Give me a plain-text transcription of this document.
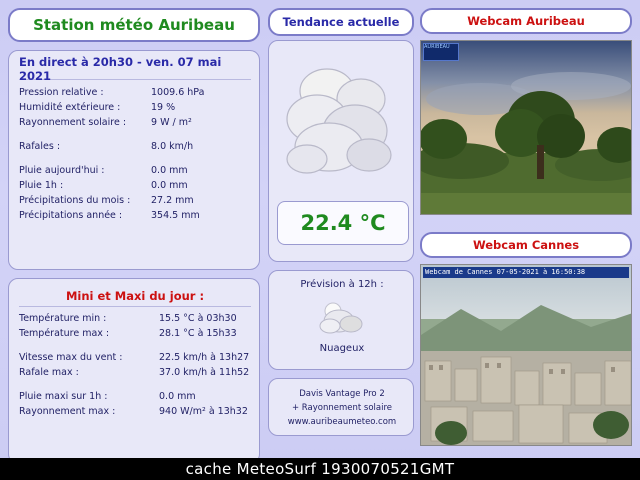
Station météo Auribeau
En direct à 20h30 - ven. 07 mai 2021
Pression relative :	1009.6 hPa
Humidité extérieure :	19 %
Rayonnement solaire :	9 W / m²
Rafales :	8.0 km/h
Pluie aujourd'hui :	0.0 mm
Pluie 1h :	0.0 mm
Précipitations du mois :	27.2 mm
Précipitations année :	354.5 mm
Mini et Maxi du jour :
Température min :	15.5 °C à 03h30
Température max :	28.1 °C à 15h33
Vitesse max du vent :	22.5 km/h à 13h27
Rafale max :	37.0 km/h à 11h52
Pluie maxi sur 1h :	0.0 mm
Rayonnement max :	940 W/m² à 13h32
Tendance actuelle
22.4 °C
Prévision à 12h :
Nuageux
Davis Vantage Pro 2
+ Rayonnement solaire
www.auribeaumeteo.com
Webcam Auribeau
AURIBEAU
Webcam Cannes
Webcam de Cannes 07-05-2021 à 16:50:38
cache MeteoSurf 1930070521GMT
